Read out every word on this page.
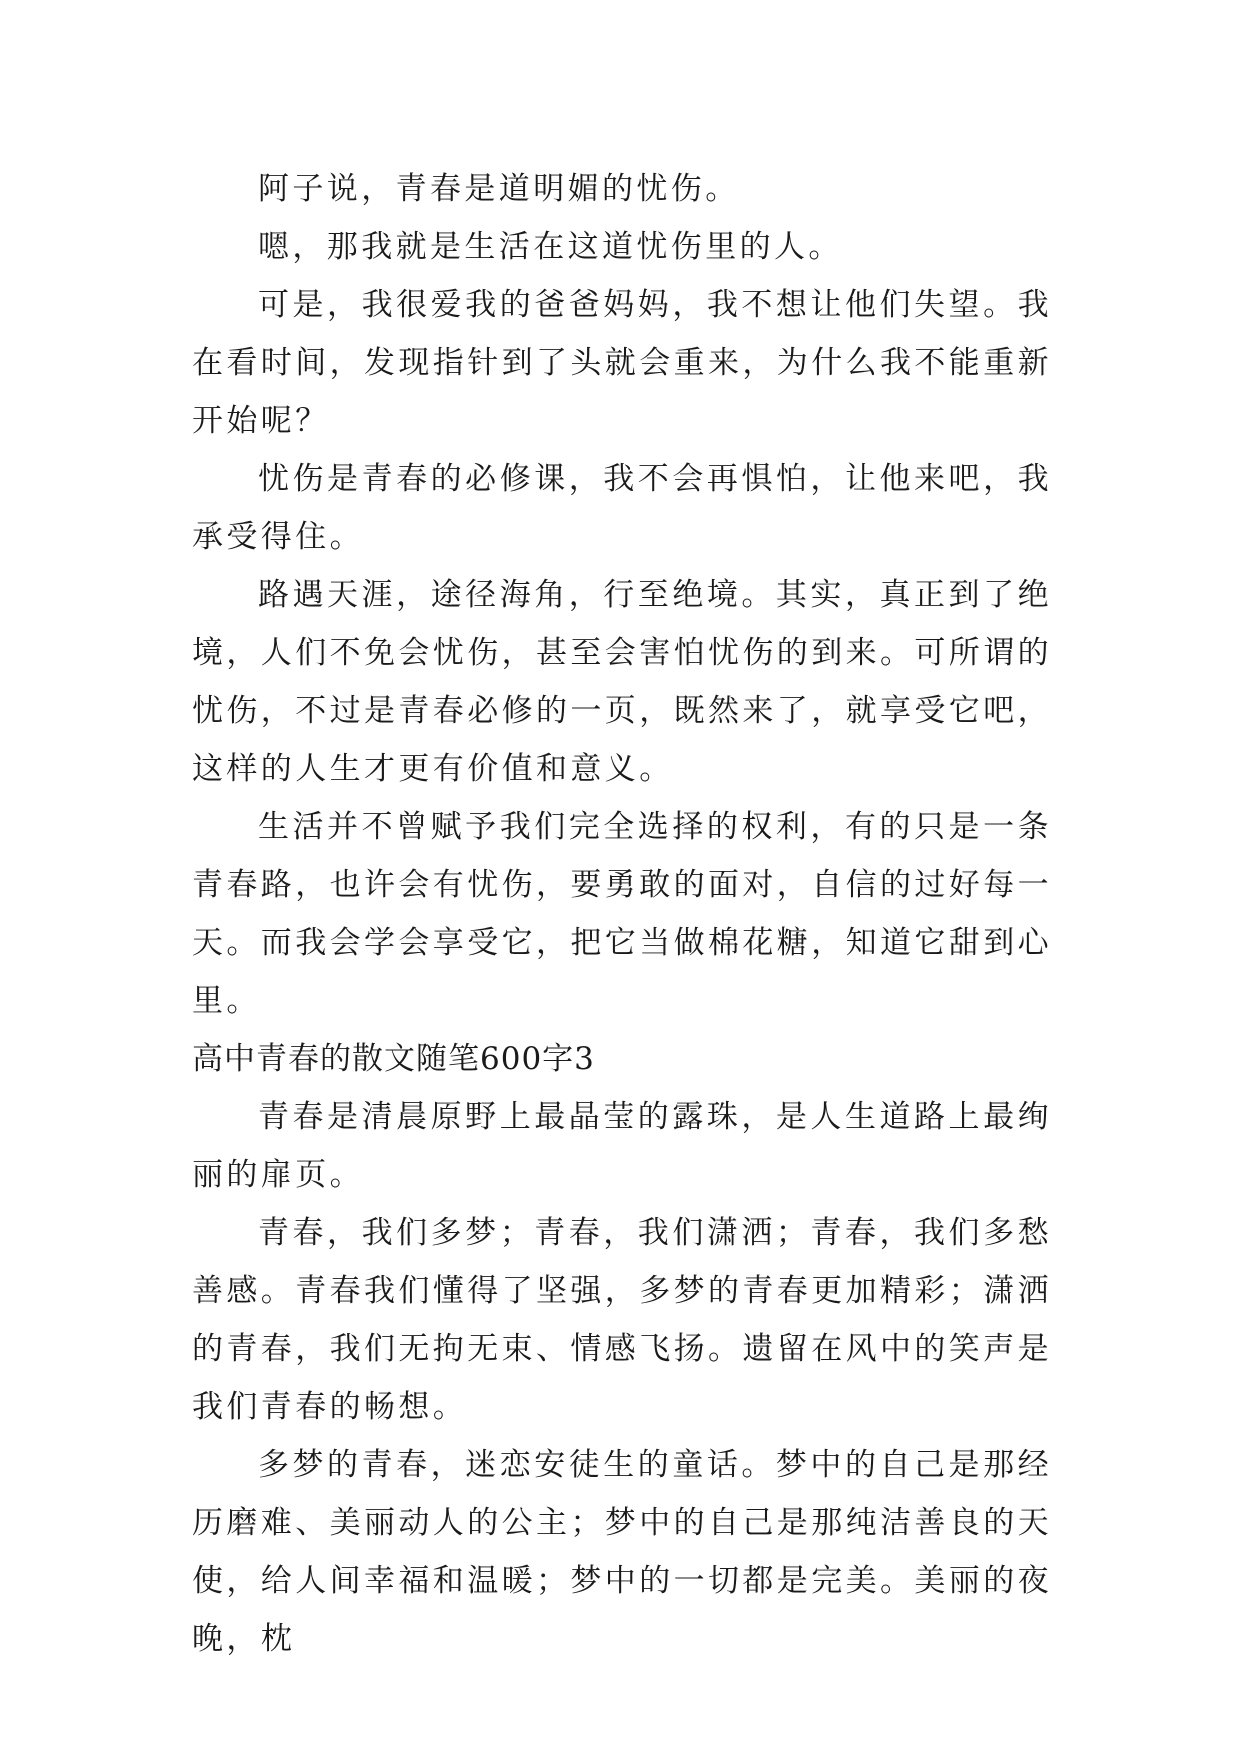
阿子说，青春是道明媚的忧伤。

嗯，那我就是生活在这道忧伤里的人。

可是，我很爱我的爸爸妈妈，我不想让他们失望。我在看时间，发现指针到了头就会重来，为什么我不能重新开始呢？

忧伤是青春的必修课，我不会再惧怕，让他来吧，我承受得住。

路遇天涯，途径海角，行至绝境。其实，真正到了绝境，人们不免会忧伤，甚至会害怕忧伤的到来。可所谓的忧伤，不过是青春必修的一页，既然来了，就享受它吧，这样的人生才更有价值和意义。

生活并不曾赋予我们完全选择的权利，有的只是一条青春路，也许会有忧伤，要勇敢的面对，自信的过好每一天。而我会学会享受它，把它当做棉花糖，知道它甜到心里。

高中青春的散文随笔600字3

青春是清晨原野上最晶莹的露珠，是人生道路上最绚丽的扉页。

青春，我们多梦；青春，我们潇洒；青春，我们多愁善感。青春我们懂得了坚强，多梦的青春更加精彩；潇洒的青春，我们无拘无束、情感飞扬。遗留在风中的笑声是我们青春的畅想。

多梦的青春，迷恋安徒生的童话。梦中的自己是那经历磨难、美丽动人的公主；梦中的自己是那纯洁善良的天使，给人间幸福和温暖；梦中的一切都是完美。美丽的夜晚，枕
